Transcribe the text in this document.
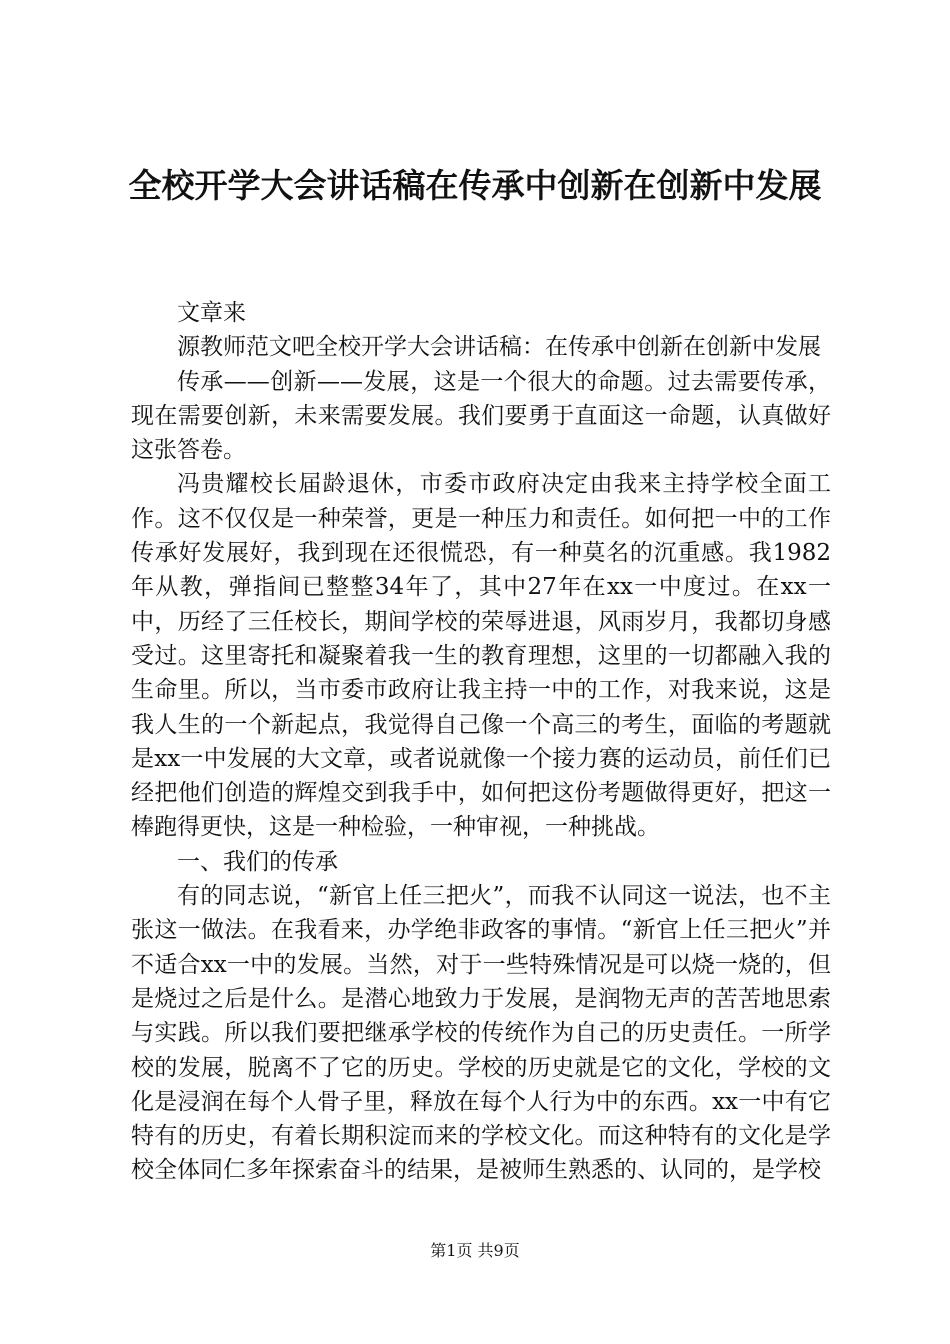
全校开学大会讲话稿在传承中创新在创新中发展

文章来

源教师范文吧全校开学大会讲话稿：在传承中创新在创新中发展

传承——创新——发展，这是一个很大的命题。过去需要传承，现在需要创新，未来需要发展。我们要勇于直面这一命题，认真做好这张答卷。

冯贵耀校长届龄退休，市委市政府决定由我来主持学校全面工作。这不仅仅是一种荣誉，更是一种压力和责任。如何把一中的工作传承好发展好，我到现在还很慌恐，有一种莫名的沉重感。我1982年从教，弹指间已整整34年了，其中27年在xx一中度过。在xx一中，历经了三任校长，期间学校的荣辱进退，风雨岁月，我都切身感受过。这里寄托和凝聚着我一生的教育理想，这里的一切都融入我的生命里。所以，当市委市政府让我主持一中的工作，对我来说，这是我人生的一个新起点，我觉得自己像一个高三的考生，面临的考题就是xx一中发展的大文章，或者说就像一个接力赛的运动员，前任们已经把他们创造的辉煌交到我手中，如何把这份考题做得更好，把这一棒跑得更快，这是一种检验，一种审视，一种挑战。

一、我们的传承

有的同志说，“新官上任三把火”，而我不认同这一说法，也不主张这一做法。在我看来，办学绝非政客的事情。“新官上任三把火”并不适合xx一中的发展。当然，对于一些特殊情况是可以烧一烧的，但是烧过之后是什么。是潜心地致力于发展，是润物无声的苦苦地思索与实践。所以我们要把继承学校的传统作为自己的历史责任。一所学校的发展，脱离不了它的历史。学校的历史就是它的文化，学校的文化是浸润在每个人骨子里，释放在每个人行为中的东西。xx一中有它特有的历史，有着长期积淀而来的学校文化。而这种特有的文化是学校全体同仁多年探索奋斗的结果，是被师生熟悉的、认同的，是学校

第1页 共9页
